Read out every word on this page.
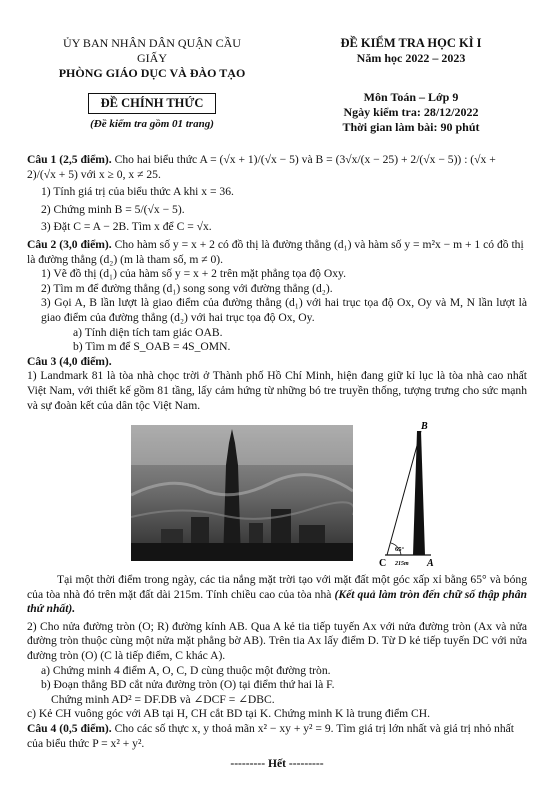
ỦY BAN NHÂN DÂN QUẬN CẦU GIẤY
PHÒNG GIÁO DỤC VÀ ĐÀO TẠO
ĐỀ CHÍNH THỨC
(Đề kiểm tra gồm 01 trang)
ĐỀ KIỂM TRA HỌC KÌ I
Năm học 2022 – 2023
Môn Toán – Lớp 9
Ngày kiểm tra: 28/12/2022
Thời gian làm bài: 90 phút

Câu 1 (2,5 điểm). Cho hai biểu thức A = (√x + 1)/(√x − 5) và B = (3√x/(x − 25) + 2/(√x − 5)) : (√x + 2)/(√x + 5) với x ≥ 0, x ≠ 25.

1) Tính giá trị của biểu thức A khi x = 36.

2) Chứng minh B = 5/(√x − 5).

3) Đặt C = A − 2B. Tìm x để C = √x.

Câu 2 (3,0 điểm). Cho hàm số y = x + 2 có đồ thị là đường thẳng (d₁) và hàm số y = m²x − m + 1 có đồ thị là đường thẳng (d₂) (m là tham số, m ≠ 0).

1) Vẽ đồ thị (d₁) của hàm số y = x + 2 trên mặt phẳng tọa độ Oxy.

2) Tìm m để đường thẳng (d₁) song song với đường thẳng (d₂).

3) Gọi A, B lần lượt là giao điểm của đường thẳng (d₁) với hai trục tọa độ Ox, Oy và M, N lần lượt là giao điểm của đường thẳng (d₂) với hai trục tọa độ Ox, Oy.

a) Tính diện tích tam giác OAB.

b) Tìm m để S_OAB = 4S_OMN.

Câu 3 (4,0 điểm).

1) Landmark 81 là tòa nhà chọc trời ở Thành phố Hồ Chí Minh, hiện đang giữ kỉ lục là tòa nhà cao nhất Việt Nam, với thiết kế gồm 81 tầng, lấy cảm hứng từ những bó tre truyền thống, tượng trưng cho sức mạnh và sự đoàn kết của dân tộc Việt Nam.

B
C	A
65°
215m

Tại một thời điểm trong ngày, các tia nắng mặt trời tạo với mặt đất một góc xấp xỉ bằng 65° và bóng của tòa nhà đó trên mặt đất dài 215m. Tính chiều cao của tòa nhà (Kết quả làm tròn đến chữ số thập phân thứ nhất).

2) Cho nửa đường tròn (O; R) đường kính AB. Qua A kẻ tia tiếp tuyến Ax với nửa đường tròn (Ax và nửa đường tròn thuộc cùng một nửa mặt phẳng bờ AB). Trên tia Ax lấy điểm D. Từ D kẻ tiếp tuyến DC với nửa đường tròn (O) (C là tiếp điểm, C khác A).

a) Chứng minh 4 điểm A, O, C, D cùng thuộc một đường tròn.

b) Đoạn thẳng BD cắt nửa đường tròn (O) tại điểm thứ hai là F.

Chứng minh AD² = DF.DB và ∠DCF = ∠DBC.

c) Kẻ CH vuông góc với AB tại H, CH cắt BD tại K. Chứng minh K là trung điểm CH.

Câu 4 (0,5 điểm). Cho các số thực x, y thoả mãn x² − xy + y² = 9. Tìm giá trị lớn nhất và giá trị nhỏ nhất của biểu thức P = x² + y².

--------- Hết ---------
